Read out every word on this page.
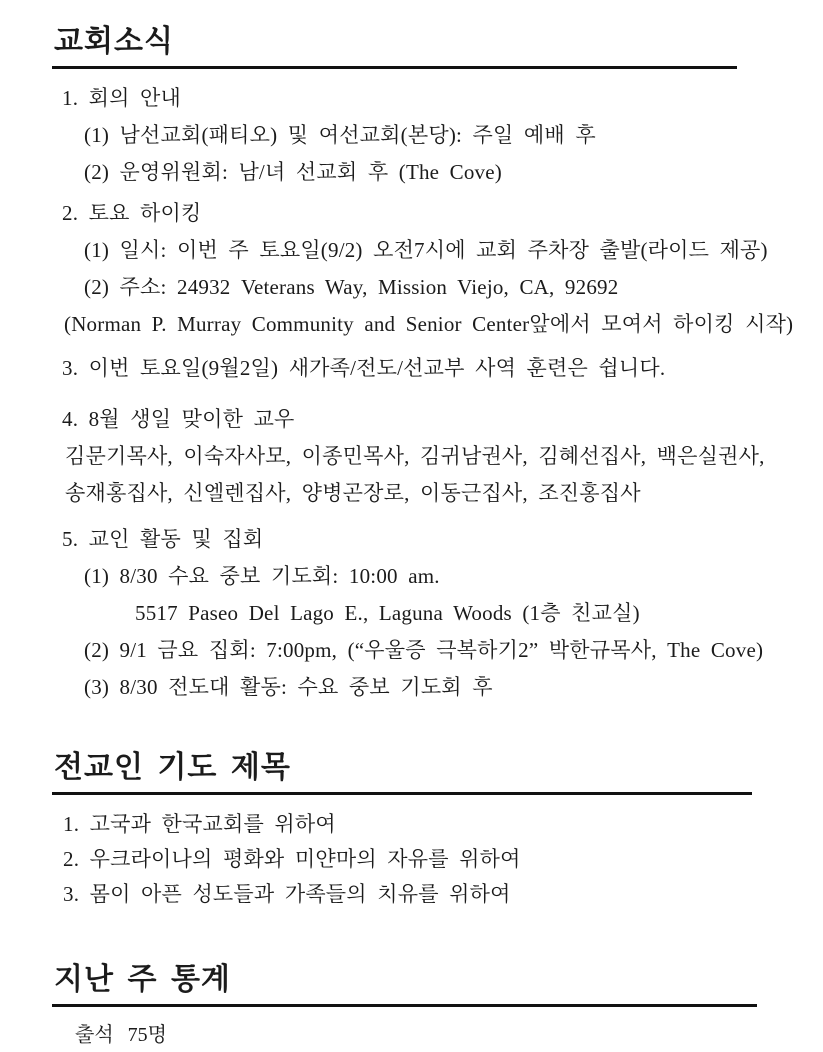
교회소식
1. 회의 안내
(1) 남선교회(패티오) 및 여선교회(본당): 주일 예배 후
(2) 운영위원회: 남/녀 선교회 후 (The Cove)
2. 토요 하이킹
(1) 일시: 이번 주 토요일(9/2) 오전7시에 교회 주차장 출발(라이드 제공)
(2) 주소: 24932 Veterans Way, Mission Viejo, CA, 92692
(Norman P. Murray Community and Senior Center앞에서 모여서 하이킹 시작)
3. 이번 토요일(9월2일) 새가족/전도/선교부 사역 훈련은 쉽니다.
4. 8월 생일 맞이한 교우
김문기목사, 이숙자사모, 이종민목사, 김귀남권사, 김혜선집사, 백은실권사,
송재홍집사, 신엘렌집사, 양병곤장로, 이동근집사, 조진홍집사
5. 교인 활동 및 집회
(1) 8/30 수요 중보 기도회: 10:00 am.
5517 Paseo Del Lago E., Laguna Woods (1층 친교실)
(2) 9/1 금요 집회: 7:00pm, (“우울증 극복하기2” 박한규목사, The Cove)
(3) 8/30 전도대 활동: 수요 중보 기도회 후
전교인 기도 제목
1. 고국과 한국교회를 위하여
2. 우크라이나의 평화와 미얀마의 자유를 위하여
3. 몸이 아픈 성도들과 가족들의 치유를 위하여
지난 주 통계
출석 75명
